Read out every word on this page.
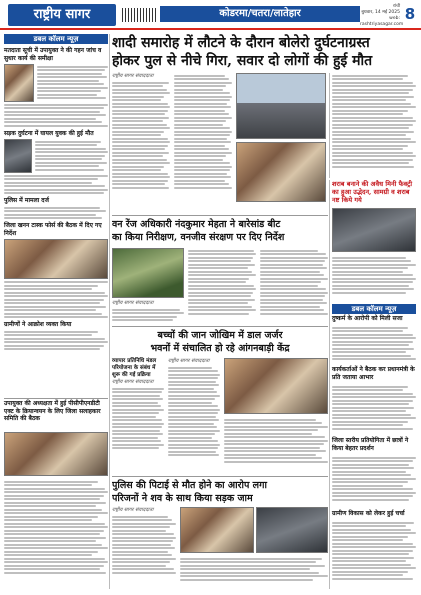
राष्ट्रीय सागर	कोडरमा/चतरा/लातेहार
रांची
बुधवार, 14 मई 2025
web: rashtriyasagar.com
8
डबल कॉलम न्यूज़
मतदाता सूची में उपायुक्त ने की गहन जांच व सुधार कार्य की समीक्षा
सड़क दुर्घटना में घायल युवक की हुई मौत
पुलिस में मामला दर्ज
जिला खनन टास्क फोर्स की बैठक में दिए गए निर्देश
ग्रामीणों ने आक्रोश व्यक्त किया
शादी समारोह में लौटने के दौरान बोलेरो दुर्घटनाग्रस्त
होकर पुल से नीचे गिरा, सवार दो लोगों की हुई मौत
राष्ट्रीय सागर संवाददाता
शराब बनाने की अवैध मिनी फैक्ट्री का हुआ उद्भेदन, सामग्री व शराब नष्ट किये गये
वन रेंज अधिकारी नंदकुमार मेहता ने बारेसांड बीट
का किया निरीक्षण, वनजीव संरक्षण पर दिए निर्देश
राष्ट्रीय सागर संवाददाता
डबल कॉलम न्यूज़
दुष्कर्म के आरोपी को मिली सजा
कार्यकर्ताओं ने बैठक कर प्रधानमंत्री के प्रति जताया आभार
जिला स्तरीय प्रतियोगिता में छात्रों ने किया बेहतर प्रदर्शन
ग्रामीण विकास को लेकर हुई चर्चा
बच्चों की जान जोखिम में डाल जर्जर
भवनों में संचालित हो रहे आंगनबाड़ी केंद्र
व्यापार प्रतिनिधि मंडल परियोजना के संबंध में शुरू की गई प्रक्रिया
राष्ट्रीय सागर संवाददाता
राष्ट्रीय सागर संवाददाता
उपायुक्त की अध्यक्षता में हुई पीसीपीएनडीटी एक्ट के क्रियान्वयन के लिए जिला सलाहकार समिति की बैठक
पुलिस की पिटाई से मौत होने का आरोप लगा
परिजनों ने शव के साथ किया सड़क जाम
राष्ट्रीय सागर संवाददाता
